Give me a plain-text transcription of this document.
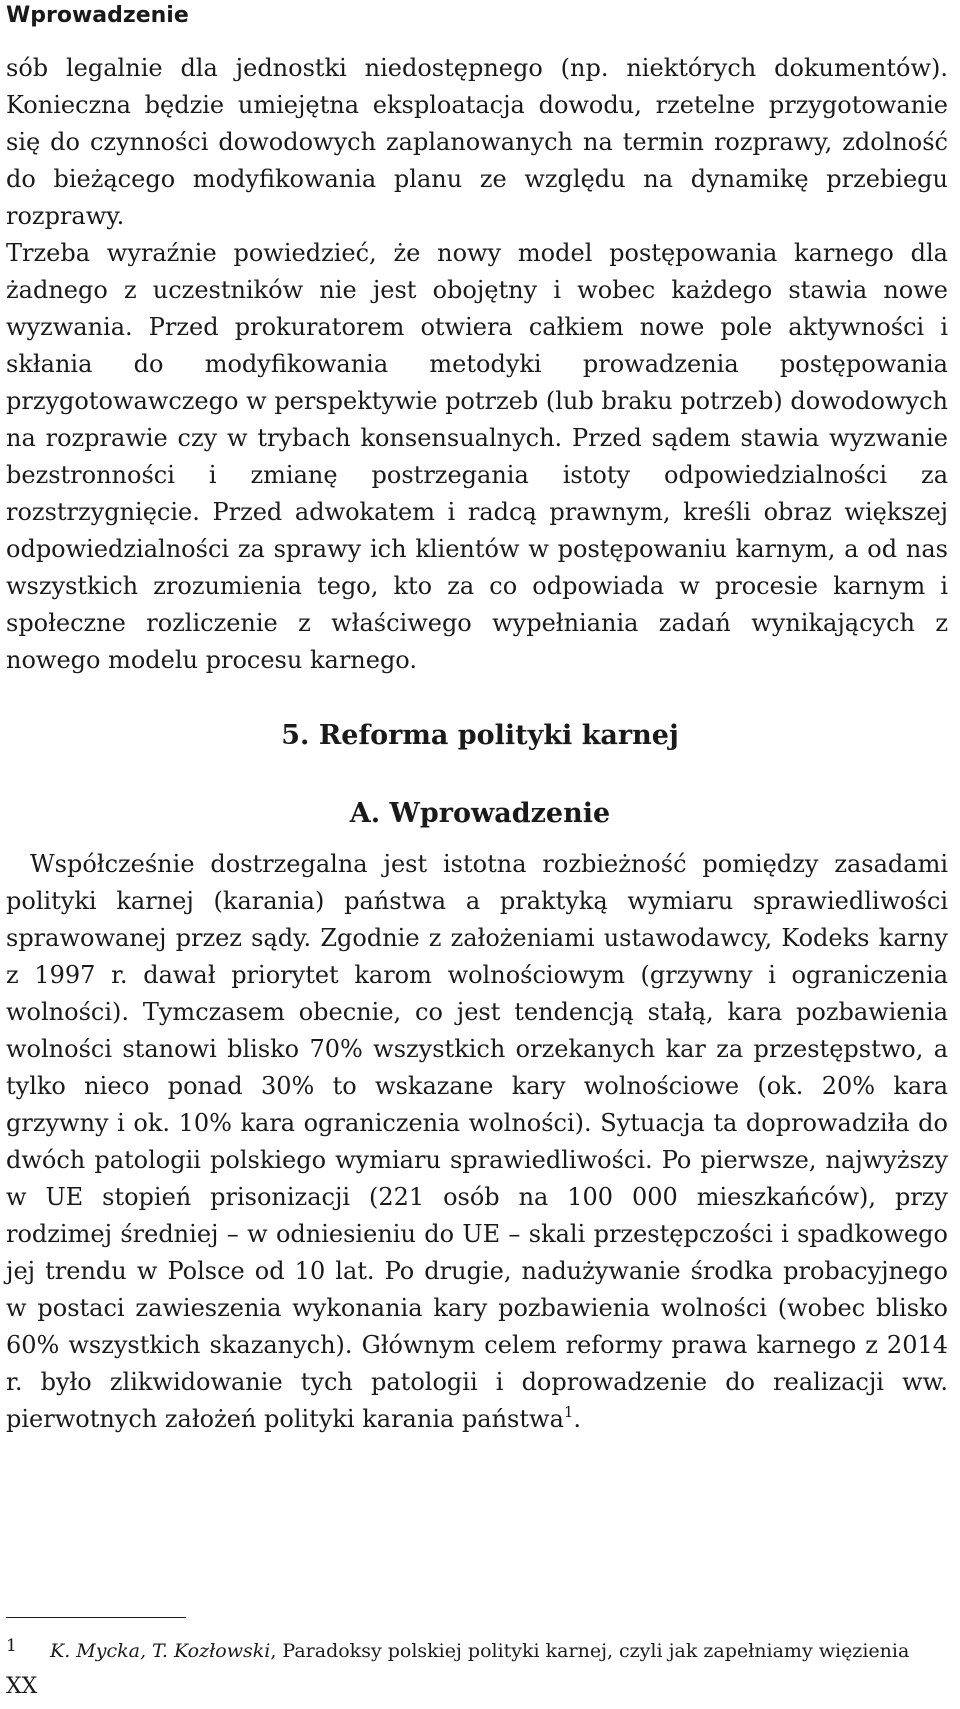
Wprowadzenie

sób legalnie dla jednostki niedostępnego (np. niektórych dokumentów). Konieczna będzie umiejętna eksploatacja dowodu, rzetelne przygotowanie się do czynności dowodowych zaplanowanych na termin rozprawy, zdolność do bieżącego modyfikowania planu ze względu na dynamikę przebiegu rozprawy.

Trzeba wyraźnie powiedzieć, że nowy model postępowania karnego dla żadnego z uczestników nie jest obojętny i wobec każdego stawia nowe wyzwania. Przed prokuratorem otwiera całkiem nowe pole aktywności i skłania do modyfikowania metodyki prowadzenia postępowania przygotowawczego w perspektywie potrzeb (lub braku potrzeb) dowodowych na rozprawie czy w trybach konsensualnych. Przed sądem stawia wyzwanie bezstronności i zmianę postrzegania istoty odpowiedzialności za rozstrzygnięcie. Przed adwokatem i radcą prawnym, kreśli obraz większej odpowiedzialności za sprawy ich klientów w postępowaniu karnym, a od nas wszystkich zrozumienia tego, kto za co odpowiada w procesie karnym i społeczne rozliczenie z właściwego wypełniania zadań wynikających z nowego modelu procesu karnego.

5. Reforma polityki karnej
A. Wprowadzenie

Współcześnie dostrzegalna jest istotna rozbieżność pomiędzy zasadami polityki karnej (karania) państwa a praktyką wymiaru sprawiedliwości sprawowanej przez sądy. Zgodnie z założeniami ustawodawcy, Kodeks karny z 1997 r. dawał priorytet karom wolnościowym (grzywny i ograniczenia wolności). Tymczasem obecnie, co jest tendencją stałą, kara pozbawienia wolności stanowi blisko 70% wszystkich orzekanych kar za przestępstwo, a tylko nieco ponad 30% to wskazane kary wolnościowe (ok. 20% kara grzywny i ok. 10% kara ograniczenia wolności). Sytuacja ta doprowadziła do dwóch patologii polskiego wymiaru sprawiedliwości. Po pierwsze, najwyższy w UE stopień prisonizacji (221 osób na 100 000 mieszkańców), przy rodzimej średniej – w odniesieniu do UE – skali przestępczości i spadkowego jej trendu w Polsce od 10 lat. Po drugie, nadużywanie środka probacyjnego w postaci zawieszenia wykonania kary pozbawienia wolności (wobec blisko 60% wszystkich skazanych). Głównym celem reformy prawa karnego z 2014 r. było zlikwidowanie tych patologii i doprowadzenie do realizacji ww. pierwotnych założeń polityki karania państwa$^1$.

1 K. Mycka, T. Kozłowski, Paradoksy polskiej polityki karnej, czyli jak zapełniamy więzienia
XX
